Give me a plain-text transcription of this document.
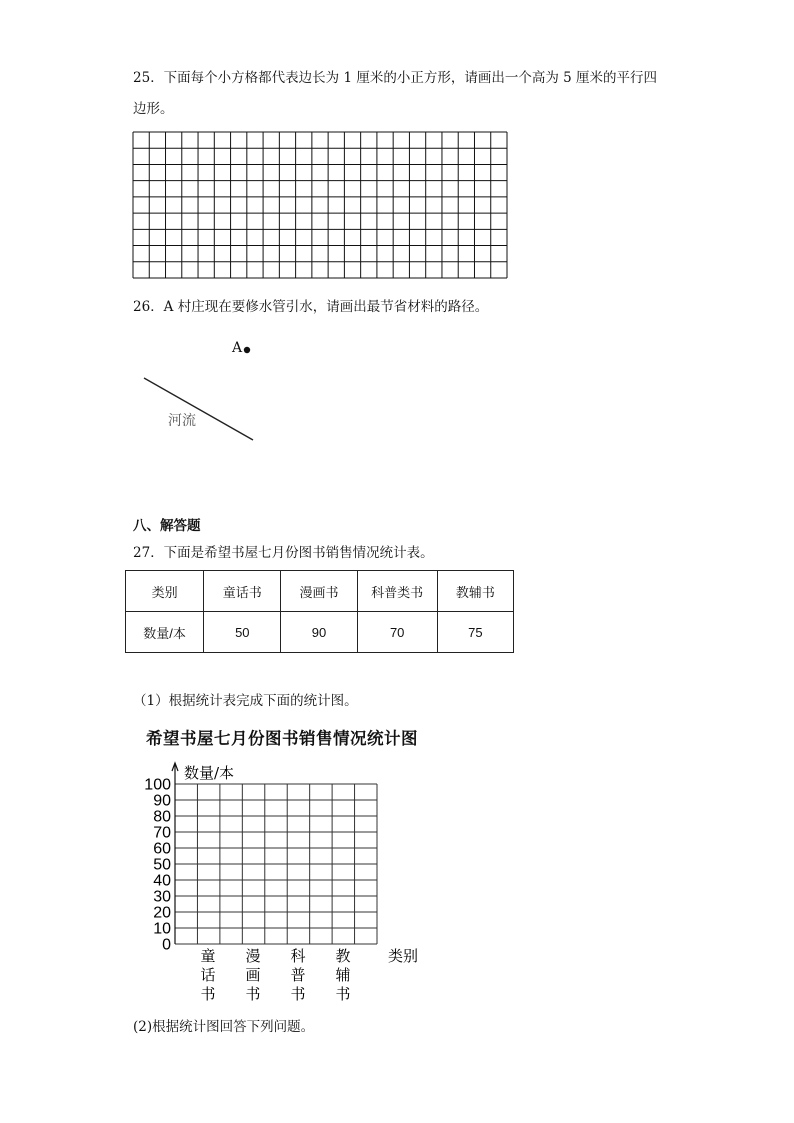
25．下面每个小方格都代表边长为 1 厘米的小正方形，请画出一个高为 5 厘米的平行四
边形。
26．A 村庄现在要修水管引水，请画出最节省材料的路径。
A
河流
八、解答题
27．下面是希望书屋七月份图书销售情况统计表。
类别	童话书	漫画书	科普类书	教辅书
数量/本	50	90	70	75
（1）根据统计表完成下面的统计图。
希望书屋七月份图书销售情况统计图
0
10
20
30
40
50
60
70
80
90
100
数量/本
类别
童
话
书
漫
画
书
科
普
书
教
辅
书
(2)根据统计图回答下列问题。
